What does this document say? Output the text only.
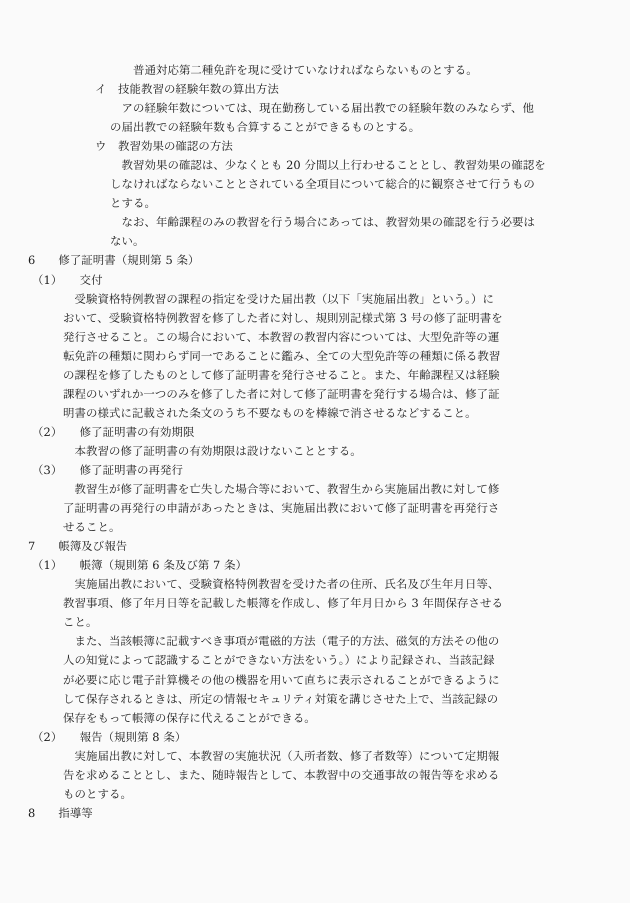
　　普通対応第二種免許を現に受けていなければならないものとする。
イ　技能教習の経験年数の算出方法
　アの経験年数については、現在勤務している届出教での経験年数のみならず、他
の届出教での経験年数も合算することができるものとする。
ウ　教習効果の確認の方法
　教習効果の確認は、少なくとも 20 分間以上行わせることとし、教習効果の確認を
しなければならないこととされている全項目について総合的に観察させて行うもの
とする。
　なお、年齢課程のみの教習を行う場合にあっては、教習効果の確認を行う必要は
ない。
6　　修了証明書（規則第 5 条）
（1）　　交付
　受験資格特例教習の課程の指定を受けた届出教（以下「実施届出教」という。）に
おいて、受験資格特例教習を修了した者に対し、規則別記様式第 3 号の修了証明書を
発行させること。この場合において、本教習の教習内容については、大型免許等の運
転免許の種類に関わらず同一であることに鑑み、全ての大型免許等の種類に係る教習
の課程を修了したものとして修了証明書を発行させること。また、年齢課程又は経験
課程のいずれか一つのみを修了した者に対して修了証明書を発行する場合は、修了証
明書の様式に記載された条文のうち不要なものを棒線で消させるなどすること。
（2）　　修了証明書の有効期限
　本教習の修了証明書の有効期限は設けないこととする。
（3）　　修了証明書の再発行
　教習生が修了証明書を亡失した場合等において、教習生から実施届出教に対して修
了証明書の再発行の申請があったときは、実施届出教において修了証明書を再発行さ
せること。
7　　帳簿及び報告
（1）　　帳簿（規則第 6 条及び第 7 条）
　実施届出教において、受験資格特例教習を受けた者の住所、氏名及び生年月日等、
教習事項、修了年月日等を記載した帳簿を作成し、修了年月日から 3 年間保存させる
こと。
　また、当該帳簿に記載すべき事項が電磁的方法（電子的方法、磁気的方法その他の
人の知覚によって認識することができない方法をいう。）により記録され、当該記録
が必要に応じ電子計算機その他の機器を用いて直ちに表示されることができるように
して保存されるときは、所定の情報セキュリティ対策を講じさせた上で、当該記録の
保存をもって帳簿の保存に代えることができる。
（2）　　報告（規則第 8 条）
　実施届出教に対して、本教習の実施状況（入所者数、修了者数等）について定期報
告を求めることとし、また、随時報告として、本教習中の交通事故の報告等を求める
ものとする。
8　　指導等
